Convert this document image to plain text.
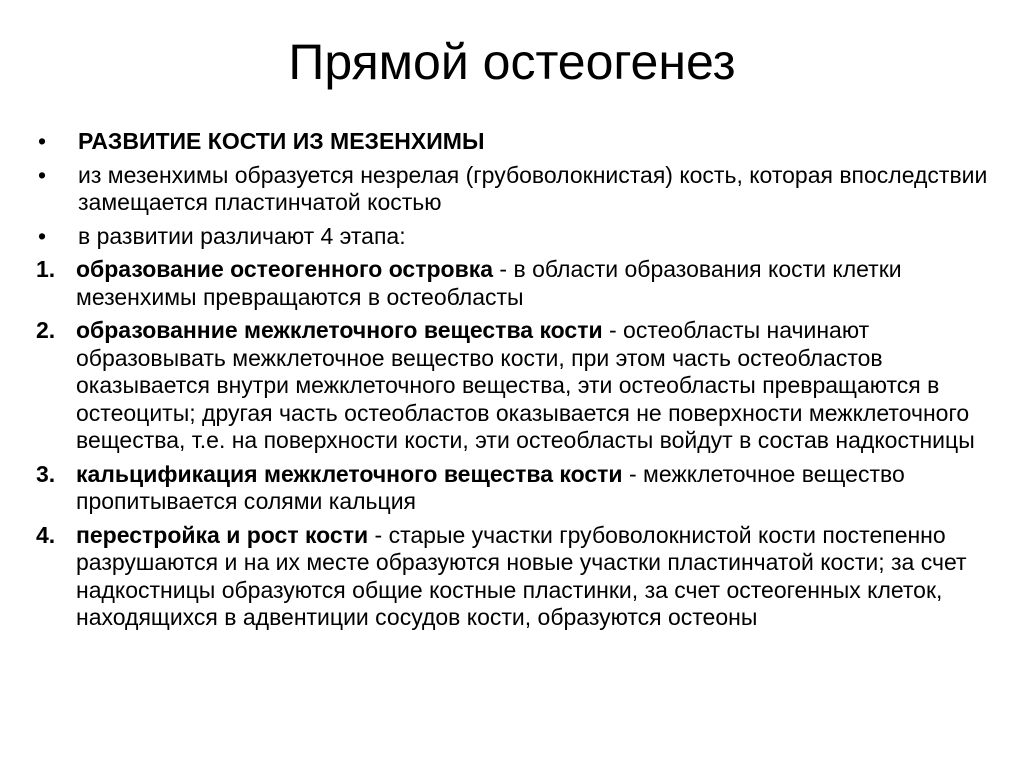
Прямой остеогенез
•	РАЗВИТИЕ КОСТИ ИЗ МЕЗЕНХИМЫ
•	из мезенхимы образуется незрелая (грубоволокнистая) кость, которая впоследствии замещается пластинчатой костью
•	в развитии различают 4 этапа:
1. образование остеогенного островка - в области образования кости клетки мезенхимы превращаются в остеобласты
2. образованние межклеточного вещества кости - остеобласты начинают образовывать межклеточное вещество кости, при этом часть остеобластов оказывается внутри межклеточного вещества, эти остеобласты превращаются в остеоциты; другая часть остеобластов оказывается не поверхности межклеточного вещества, т.е. на поверхности кости, эти остеобласты войдут в состав надкостницы
3. кальцификация межклеточного вещества кости - межклеточное вещество пропитывается солями кальция
4. перестройка и рост кости - старые участки грубоволокнистой кости постепенно разрушаются и на их месте образуются новые участки пластинчатой кости; за счет надкостницы образуются общие костные пластинки, за счет остеогенных клеток, находящихся в адвентиции сосудов кости, образуются остеоны
